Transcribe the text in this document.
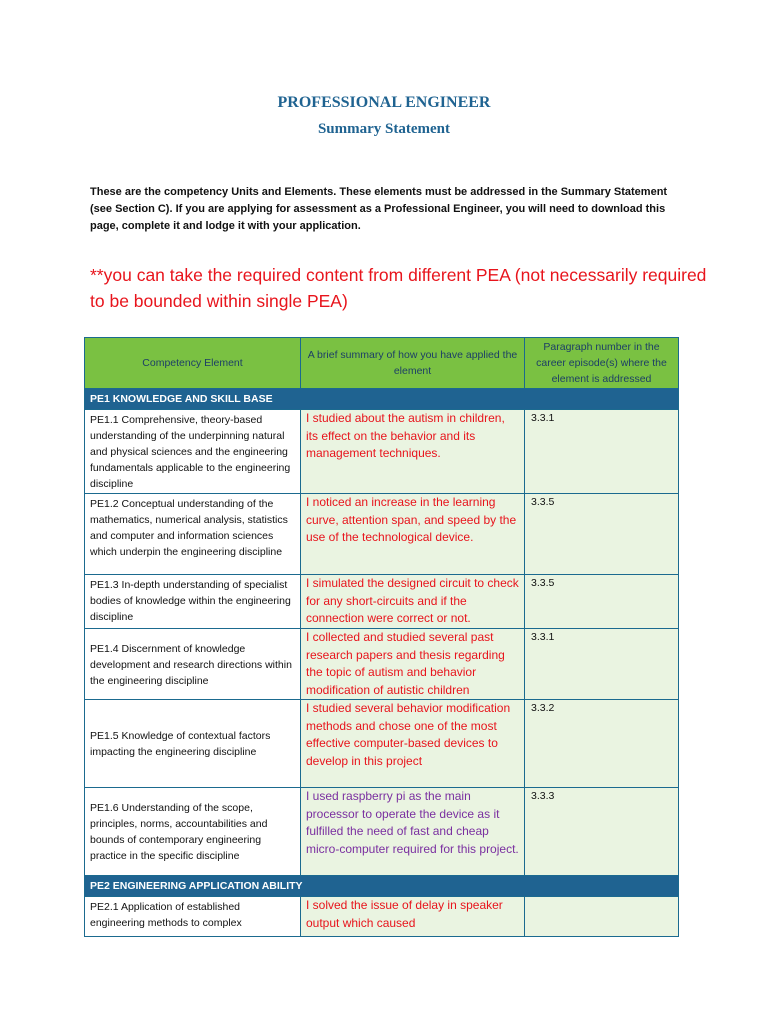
PROFESSIONAL ENGINEER
Summary Statement
These are the competency Units and Elements. These elements must be addressed in the Summary Statement (see Section C). If you are applying for assessment as a Professional Engineer, you will need to download this page, complete it and lodge it with your application.
**you can take the required content from different PEA (not necessarily required to be bounded within single PEA)
Competency Element	A brief summary of how you have applied the element	Paragraph number in the career episode(s) where the element is addressed
PE1 KNOWLEDGE AND SKILL BASE		
PE1.1 Comprehensive, theory-based understanding of the underpinning natural and physical sciences and the engineering fundamentals applicable to the engineering discipline	I studied about the autism in children, its effect on the behavior and its management techniques.	3.3.1
PE1.2 Conceptual understanding of the mathematics, numerical analysis, statistics and computer and information sciences which underpin the engineering discipline	I noticed an increase in the learning curve, attention span, and speed by the use of the technological device.	3.3.5
PE1.3 In-depth understanding of specialist bodies of knowledge within the engineering discipline	I simulated the designed circuit to check for any short-circuits and if the connection were correct or not.	3.3.5
PE1.4 Discernment of knowledge development and research directions within the engineering discipline	I collected and studied several past research papers and thesis regarding the topic of autism and behavior modification of autistic children	3.3.1
PE1.5 Knowledge of contextual factors impacting the engineering discipline	I studied several behavior modification methods and chose one of the most effective computer-based devices to develop in this project	3.3.2
PE1.6 Understanding of the scope, principles, norms, accountabilities and bounds of contemporary engineering practice in the specific discipline	I used raspberry pi as the main processor to operate the device as it fulfilled the need of fast and cheap micro-computer required for this project.	3.3.3
PE2 ENGINEERING APPLICATION ABILITY		
PE2.1 Application of established engineering methods to complex	I solved the issue of delay in speaker output which caused	
